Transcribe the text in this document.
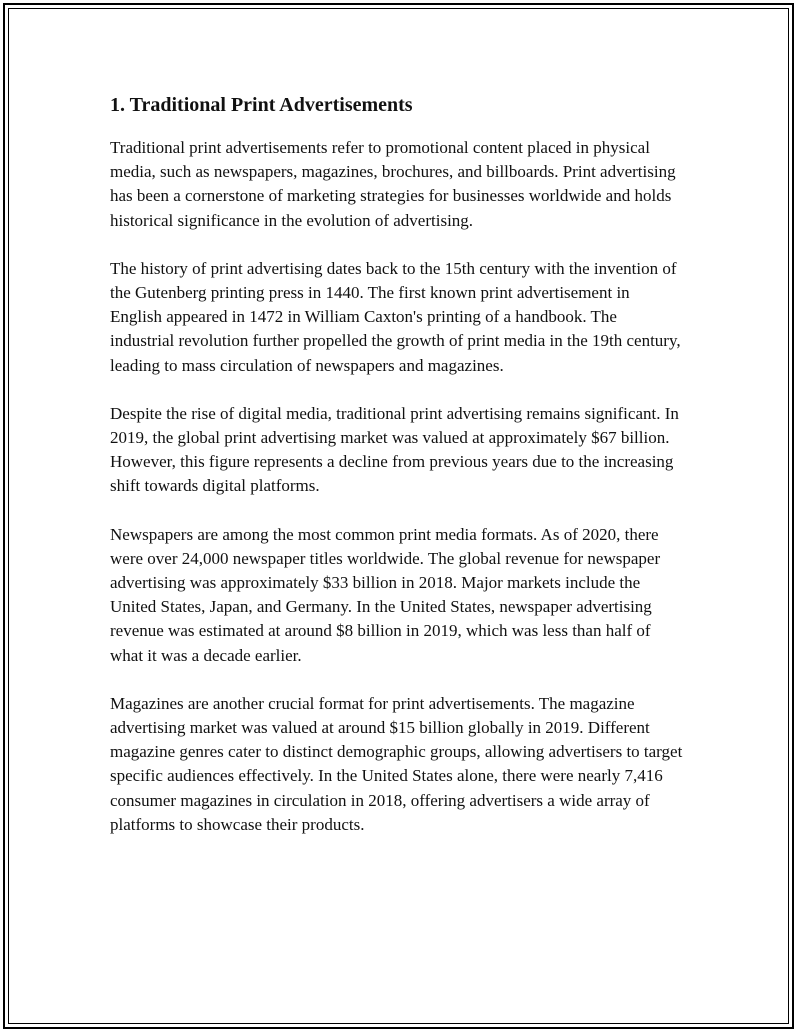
1. Traditional Print Advertisements

Traditional print advertisements refer to promotional content placed in physical media, such as newspapers, magazines, brochures, and billboards. Print advertising has been a cornerstone of marketing strategies for businesses worldwide and holds historical significance in the evolution of advertising.

The history of print advertising dates back to the 15th century with the invention of the Gutenberg printing press in 1440. The first known print advertisement in English appeared in 1472 in William Caxton's printing of a handbook. The industrial revolution further propelled the growth of print media in the 19th century, leading to mass circulation of newspapers and magazines.

Despite the rise of digital media, traditional print advertising remains significant. In 2019, the global print advertising market was valued at approximately $67 billion. However, this figure represents a decline from previous years due to the increasing shift towards digital platforms.

Newspapers are among the most common print media formats. As of 2020, there were over 24,000 newspaper titles worldwide. The global revenue for newspaper advertising was approximately $33 billion in 2018. Major markets include the United States, Japan, and Germany. In the United States, newspaper advertising revenue was estimated at around $8 billion in 2019, which was less than half of what it was a decade earlier.

Magazines are another crucial format for print advertisements. The magazine advertising market was valued at around $15 billion globally in 2019. Different magazine genres cater to distinct demographic groups, allowing advertisers to target specific audiences effectively. In the United States alone, there were nearly 7,416 consumer magazines in circulation in 2018, offering advertisers a wide array of platforms to showcase their products.
